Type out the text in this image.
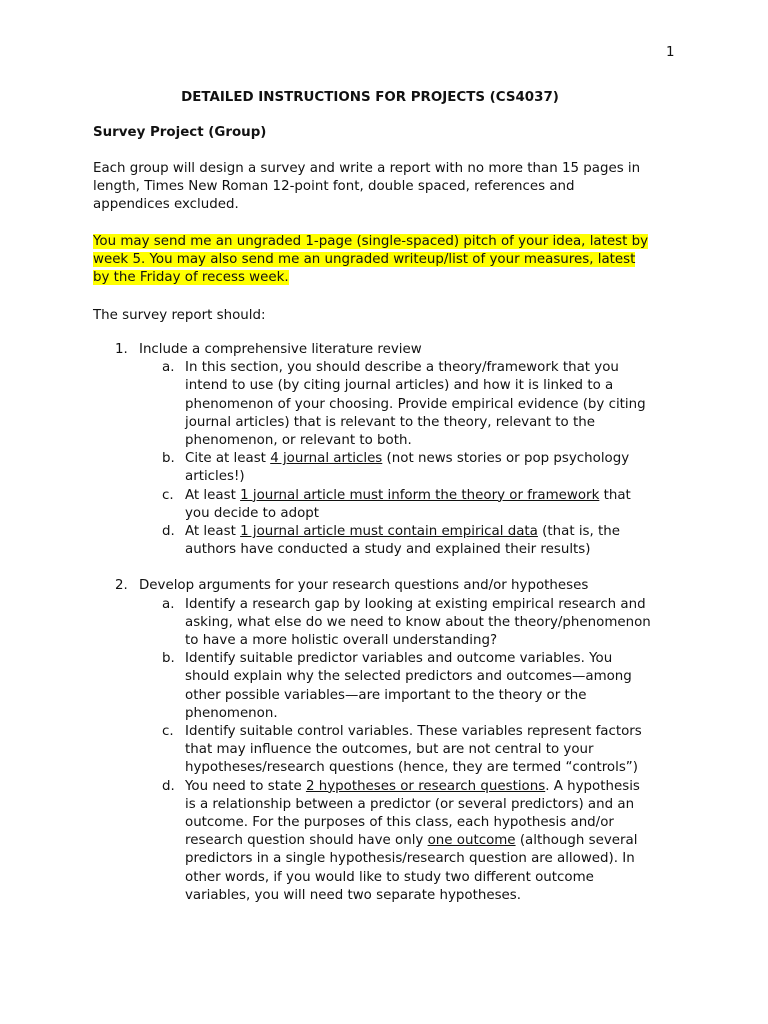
1
DETAILED INSTRUCTIONS FOR PROJECTS (CS4037)
Survey Project (Group)
Each group will design a survey and write a report with no more than 15 pages in length, Times New Roman 12-point font, double spaced, references and appendices excluded.
You may send me an ungraded 1-page (single-spaced) pitch of your idea, latest by week 5. You may also send me an ungraded writeup/list of your measures, latest by the Friday of recess week.
The survey report should:
1. Include a comprehensive literature review
a. In this section, you should describe a theory/framework that you intend to use (by citing journal articles) and how it is linked to a phenomenon of your choosing. Provide empirical evidence (by citing journal articles) that is relevant to the theory, relevant to the phenomenon, or relevant to both.
b. Cite at least 4 journal articles (not news stories or pop psychology articles!)
c. At least 1 journal article must inform the theory or framework that you decide to adopt
d. At least 1 journal article must contain empirical data (that is, the authors have conducted a study and explained their results)
2. Develop arguments for your research questions and/or hypotheses
a. Identify a research gap by looking at existing empirical research and asking, what else do we need to know about the theory/phenomenon to have a more holistic overall understanding?
b. Identify suitable predictor variables and outcome variables. You should explain why the selected predictors and outcomes—among other possible variables—are important to the theory or the phenomenon.
c. Identify suitable control variables. These variables represent factors that may influence the outcomes, but are not central to your hypotheses/research questions (hence, they are termed “controls”)
d. You need to state 2 hypotheses or research questions. A hypothesis is a relationship between a predictor (or several predictors) and an outcome. For the purposes of this class, each hypothesis and/or research question should have only one outcome (although several predictors in a single hypothesis/research question are allowed). In other words, if you would like to study two different outcome variables, you will need two separate hypotheses.
